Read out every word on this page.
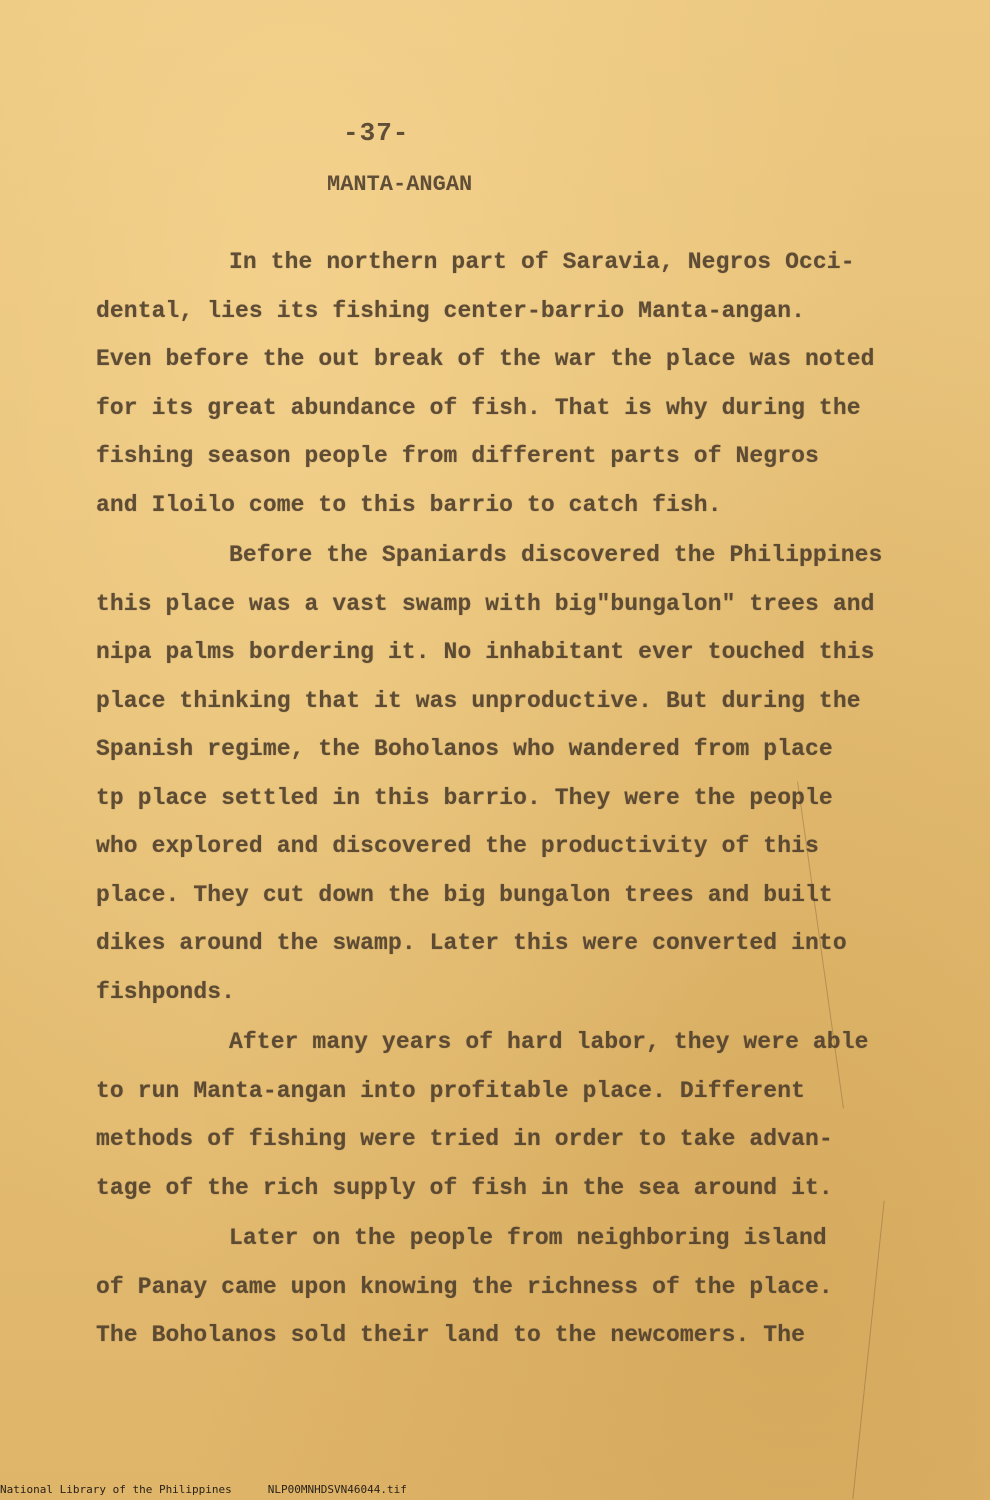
-37-
MANTA-ANGAN
In the northern part of Saravia, Negros Occi-
dental, lies its fishing center-barrio Manta-angan.
Even before the out break of the war the place was noted
for its great abundance of fish. That is why during the
fishing season people from different parts of Negros
and Iloilo come to this barrio to catch fish.
Before the Spaniards discovered the Philippines
this place was a vast swamp with big"bungalon" trees and
nipa palms bordering it. No inhabitant ever touched this
place thinking that it was unproductive. But during the
Spanish regime, the Boholanos who wandered from place
tp place settled in this barrio. They were the people
who explored and discovered the productivity of this
place. They cut down the big bungalon trees and built
dikes around the swamp. Later this were converted into
fishponds.
After many years of hard labor, they were able
to run Manta-angan into profitable place. Different
methods of fishing were tried in order to take advan-
tage of the rich supply of fish in the sea around it.
Later on the people from neighboring island
of Panay came upon knowing the richness of the place.
The Boholanos sold their land to the newcomers. The
National Library of the Philippines	NLP00MNHDSVN46044.tif
